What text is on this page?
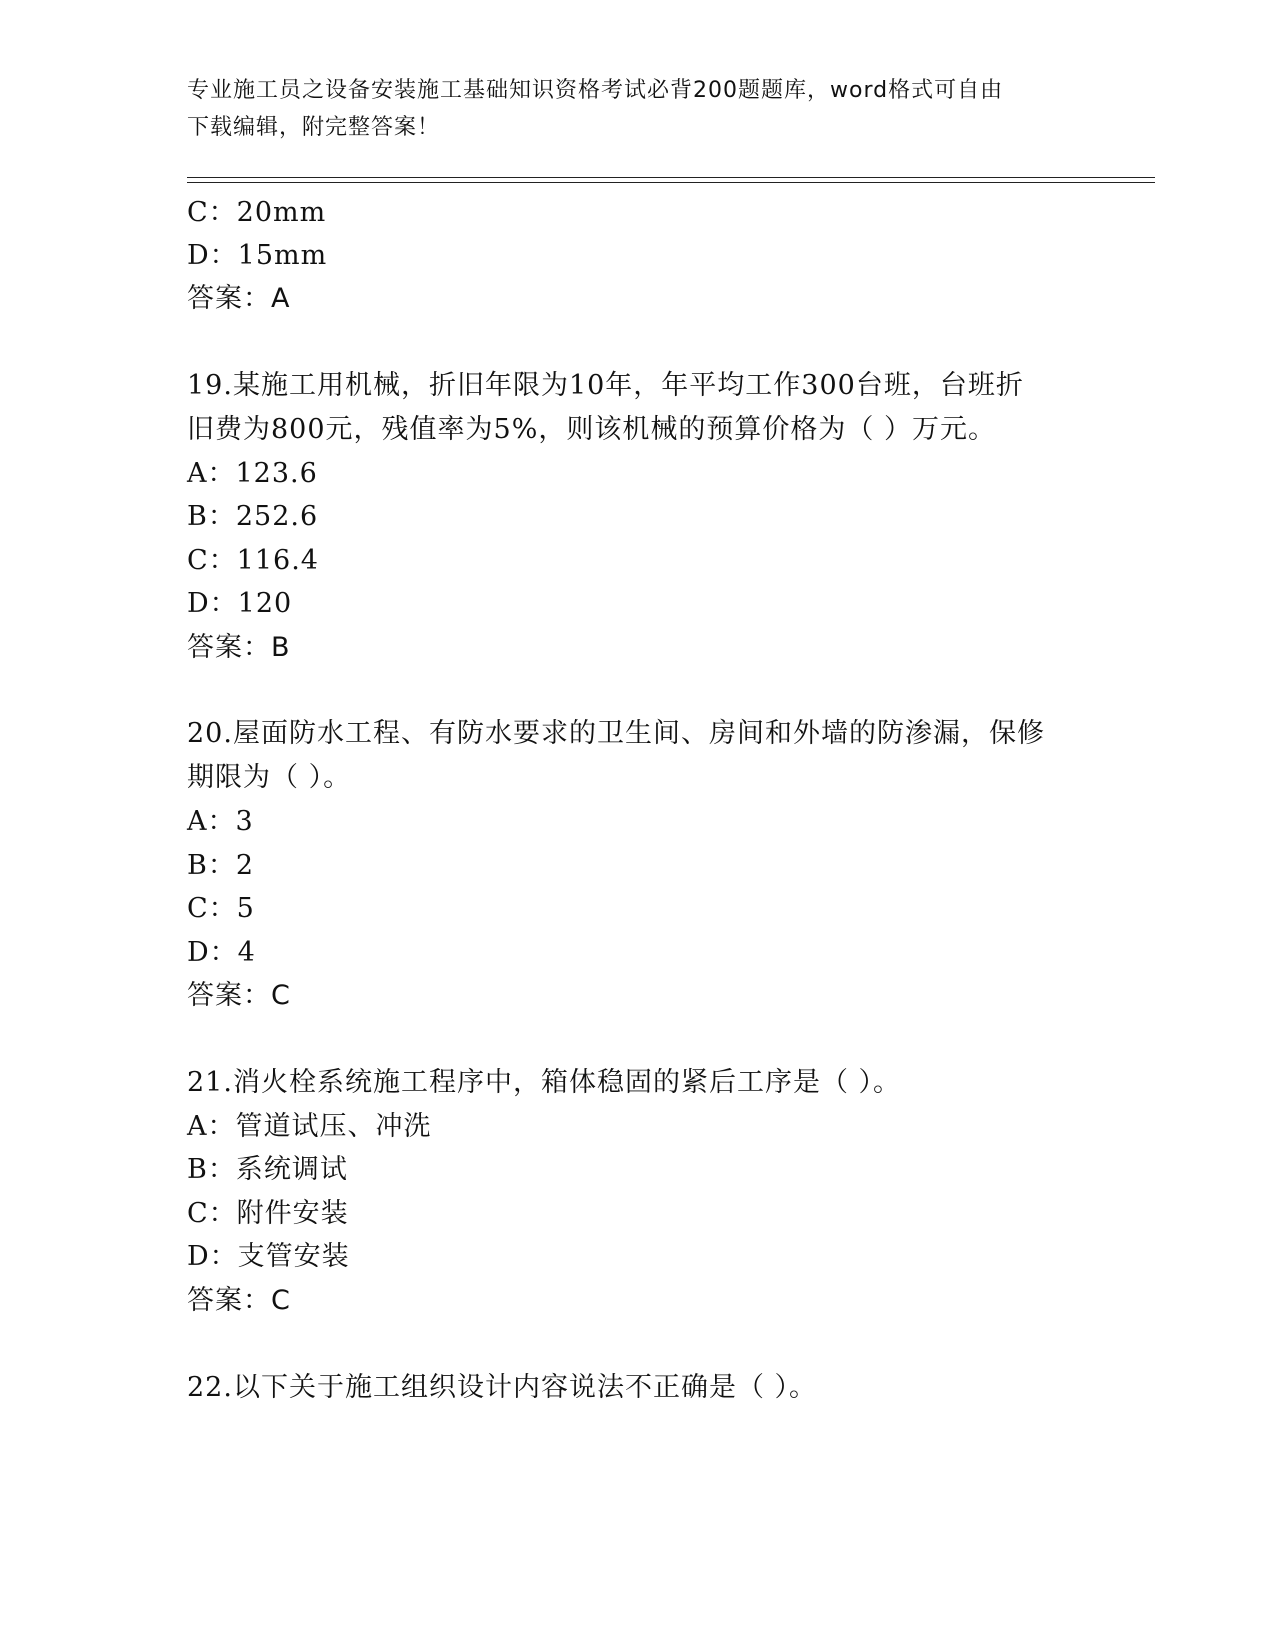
专业施工员之设备安装施工基础知识资格考试必背200题题库，word格式可自由
下载编辑，附完整答案！
C：20mm
D：15mm
答案：A
19.某施工用机械，折旧年限为10年，年平均工作300台班，台班折
旧费为800元，残值率为5%，则该机械的预算价格为（ ）万元。
A：123.6
B：252.6
C：116.4
D：120
答案：B
20.屋面防水工程、有防水要求的卫生间、房间和外墙的防渗漏，保修
期限为（ ）。
A：3
B：2
C：5
D：4
答案：C
21.消火栓系统施工程序中，箱体稳固的紧后工序是（ ）。
A：管道试压、冲洗
B：系统调试
C：附件安装
D：支管安装
答案：C
22.以下关于施工组织设计内容说法不正确是（ ）。
